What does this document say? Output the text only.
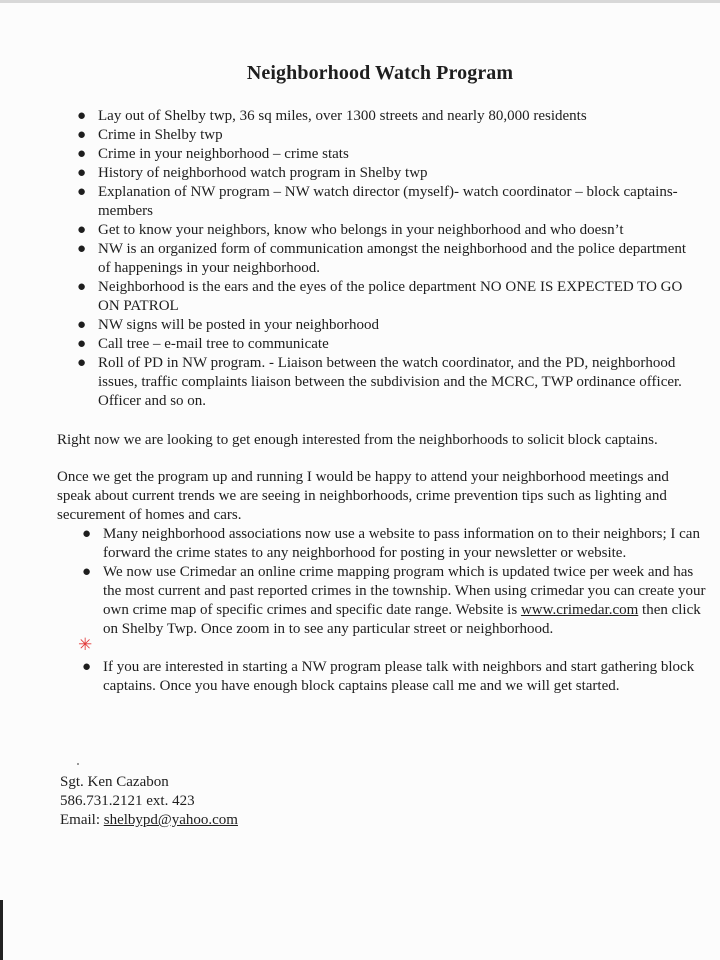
Neighborhood Watch Program
● Lay out of Shelby twp, 36 sq miles, over 1300 streets and nearly 80,000 residents
● Crime in Shelby twp
● Crime in your neighborhood – crime stats
● History of neighborhood watch program in Shelby twp
● Explanation of NW program – NW watch director (myself)- watch coordinator – block captains-members
● Get to know your neighbors, know who belongs in your neighborhood and who doesn’t
● NW is an organized form of communication amongst the neighborhood and the police department of happenings in your neighborhood.
● Neighborhood is the ears and the eyes of the police department NO ONE IS EXPECTED TO GO ON PATROL
● NW signs will be posted in your neighborhood
● Call tree – e-mail tree to communicate
● Roll of PD in NW program. - Liaison between the watch coordinator, and the PD, neighborhood issues, traffic complaints liaison between the subdivision and the MCRC, TWP ordinance officer. Officer and so on.

Right now we are looking to get enough interested from the neighborhoods to solicit block captains.

Once we get the program up and running I would be happy to attend your neighborhood meetings and speak about current trends we are seeing in neighborhoods, crime prevention tips such as lighting and securement of homes and cars.

● Many neighborhood associations now use a website to pass information on to their neighbors; I can forward the crime states to any neighborhood for posting in your newsletter or website.
● We now use Crimedar an online crime mapping program which is updated twice per week and has the most current and past reported crimes in the township. When using crimedar you can create your own crime map of specific crimes and specific date range. Website is www.crimedar.com then click on Shelby Twp. Once zoom in to see any particular street or neighborhood.
● If you are interested in starting a NW program please talk with neighbors and start gathering block captains. Once you have enough block captains please call me and we will get started.
✳
Sgt. Ken Cazabon
586.731.2121 ext. 423
Email: shelbypd@yahoo.com
